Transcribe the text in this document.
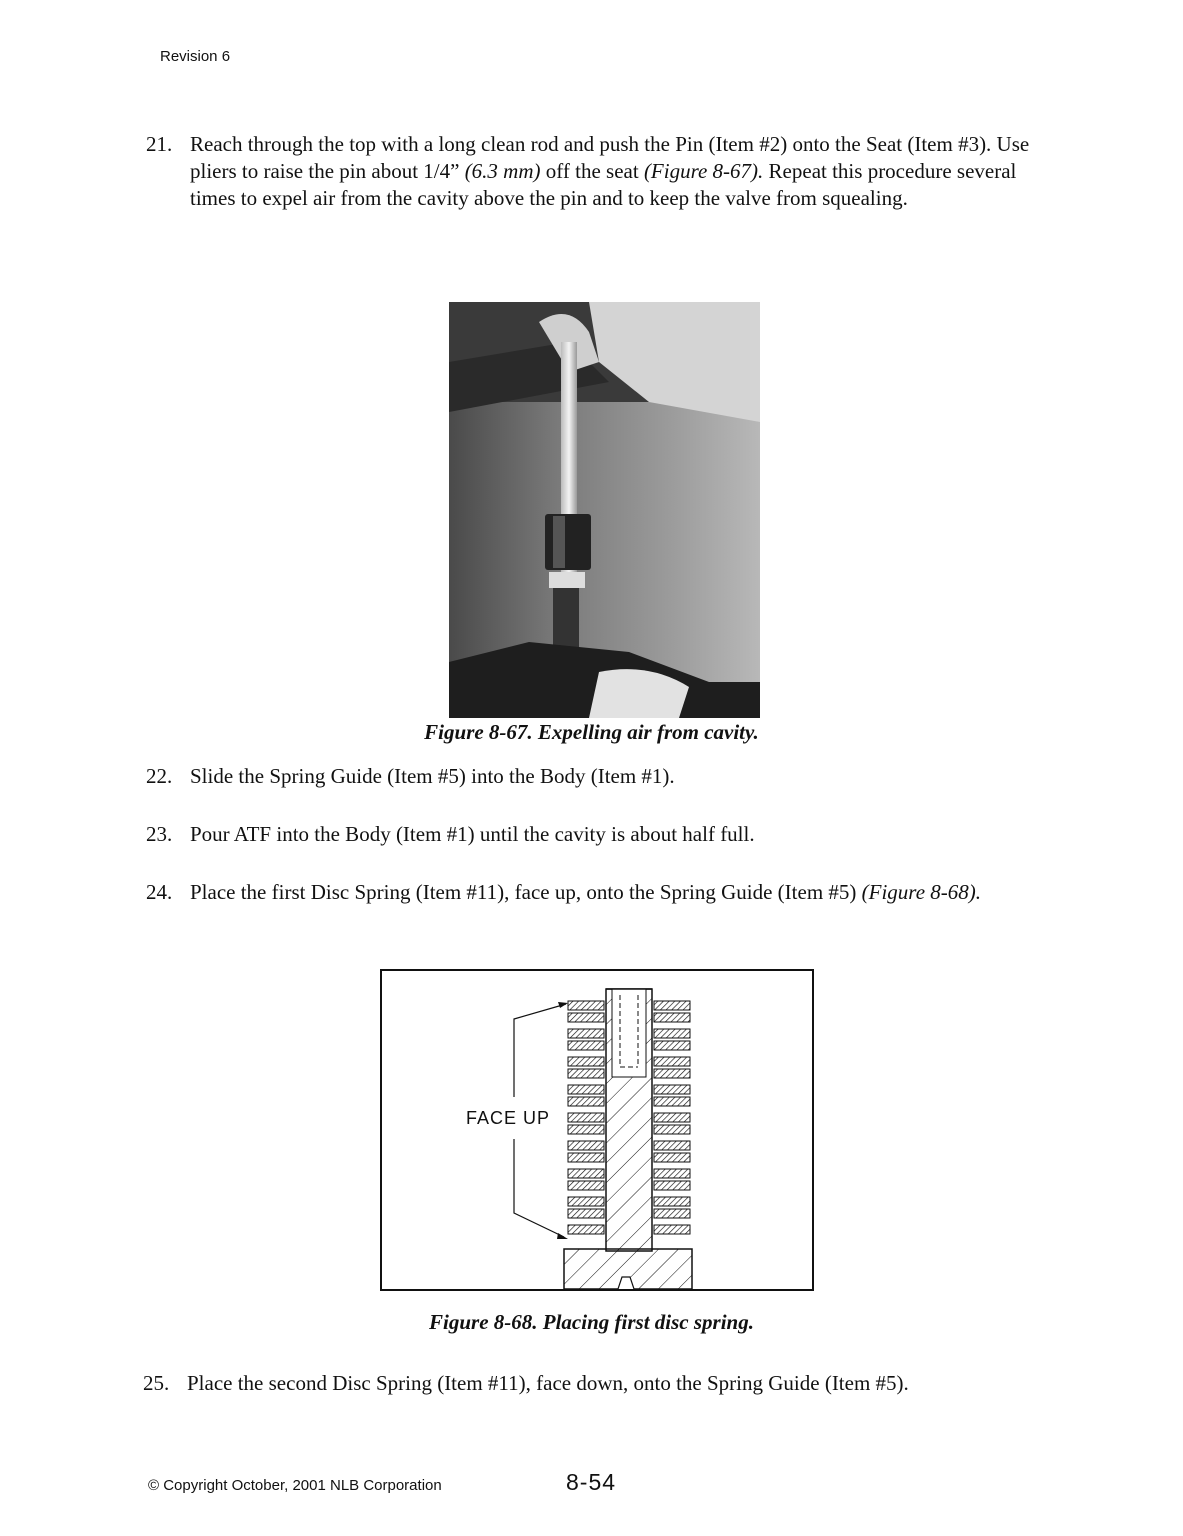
Revision 6
21. Reach through the top with a long clean rod and push the Pin (Item #2) onto the Seat (Item #3). Use pliers to raise the pin about 1/4” (6.3 mm) off the seat (Figure 8-67). Repeat this procedure several times to expel air from the cavity above the pin and to keep the valve from squealing.
Figure 8-67. Expelling air from cavity.
22. Slide the Spring Guide (Item #5) into the Body (Item #1).
23. Pour ATF into the Body (Item #1) until the cavity is about half full.
24. Place the first Disc Spring (Item #11), face up, onto the Spring Guide (Item #5) (Figure 8-68).
FACE UP
Figure 8-68. Placing first disc spring.
25. Place the second Disc Spring (Item #11), face down, onto the Spring Guide (Item #5).
© Copyright October, 2001 NLB Corporation	8-54
